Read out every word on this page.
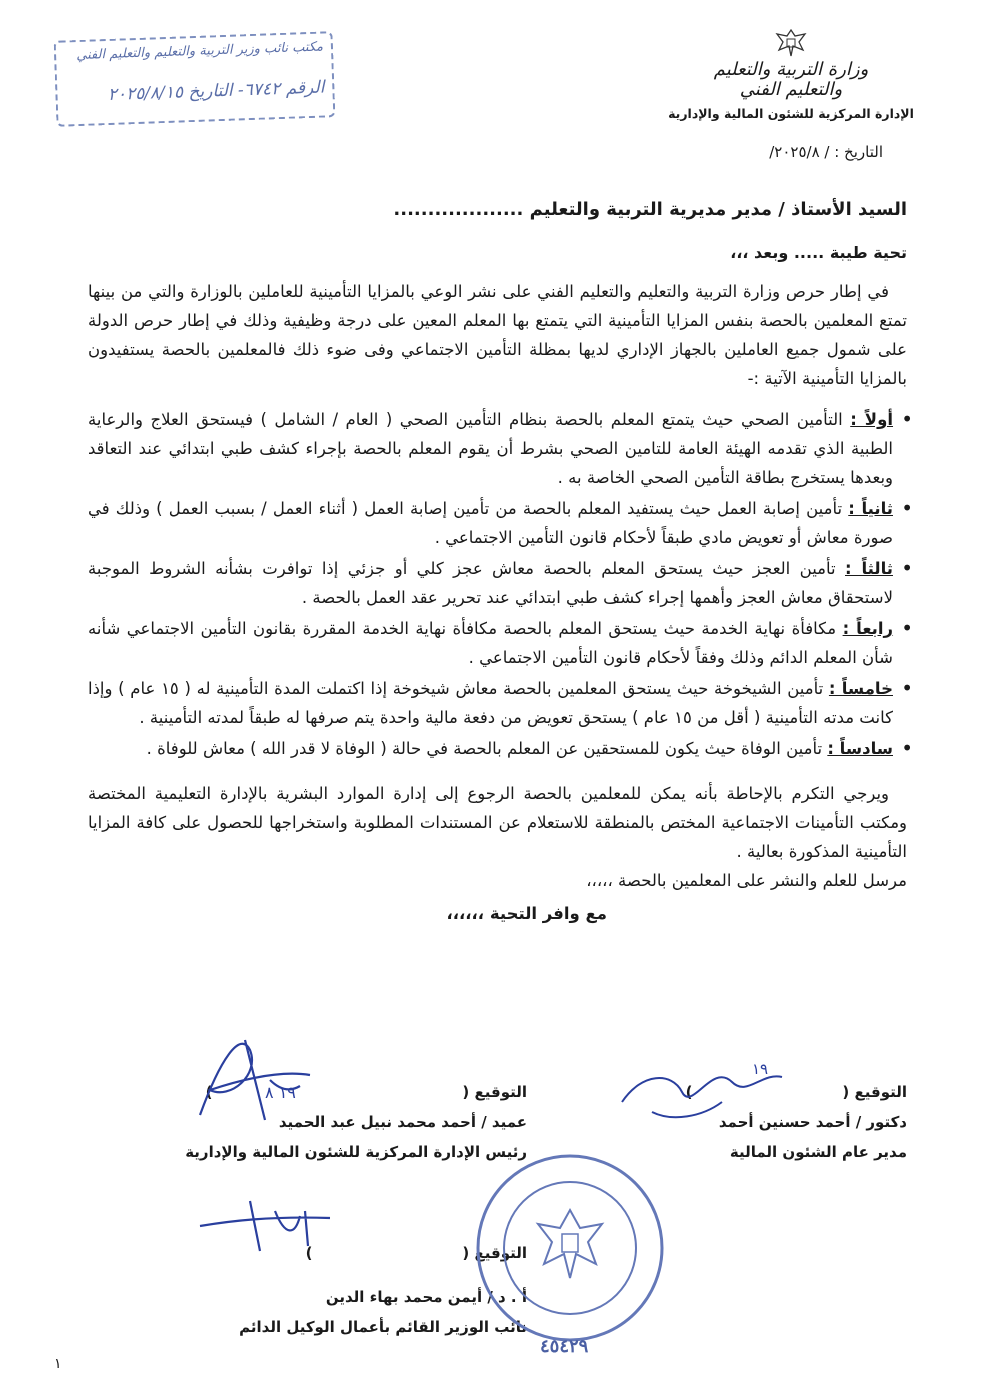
مكتب نائب وزير التربية والتعليم والتعليم الفني
الرقم ٦٧٤٢- التاريخ ٢٠٢٥/٨/١٥
وزارة التربية والتعليم
والتعليم الفني
الإدارة المركزية للشئون المالية والإدارية
التاريخ : / ٢٠٢٥/٨/
السيد الأستاذ / مدير مديرية التربية والتعليم ...................
تحية طيبة ..... وبعد ،،،
في إطار حرص وزارة التربية والتعليم والتعليم الفني على نشر الوعي بالمزايا التأمينية للعاملين بالوزارة والتي من بينها تمتع المعلمين بالحصة بنفس المزايا التأمينية التي يتمتع بها المعلم المعين على درجة وظيفية وذلك في إطار حرص الدولة على شمول جميع العاملين بالجهاز الإداري لديها بمظلة التأمين الاجتماعي وفى ضوء ذلك فالمعلمين بالحصة يستفيدون بالمزايا التأمينية الآتية :-
• أولاً : التأمين الصحي حيث يتمتع المعلم بالحصة بنظام التأمين الصحي ( العام / الشامل ) فيستحق العلاج والرعاية الطبية الذي تقدمه الهيئة العامة للتامين الصحي بشرط أن يقوم المعلم بالحصة بإجراء كشف طبي ابتدائي عند التعاقد وبعدها يستخرج بطاقة التأمين الصحي الخاصة به .
• ثانياً : تأمين إصابة العمل حيث يستفيد المعلم بالحصة من تأمين إصابة العمل ( أثناء العمل / بسبب العمل ) وذلك في صورة معاش أو تعويض مادي طبقاً لأحكام قانون التأمين الاجتماعي .
• ثالثاً : تأمين العجز حيث يستحق المعلم بالحصة معاش عجز كلي أو جزئي إذا توافرت بشأنه الشروط الموجبة لاستحقاق معاش العجز وأهمها إجراء كشف طبي ابتدائي عند تحرير عقد العمل بالحصة .
• رابعاً : مكافأة نهاية الخدمة حيث يستحق المعلم بالحصة مكافأة نهاية الخدمة المقررة بقانون التأمين الاجتماعي شأنه شأن المعلم الدائم وذلك وفقاً لأحكام قانون التأمين الاجتماعي .
• خامساً : تأمين الشيخوخة حيث يستحق المعلمين بالحصة معاش شيخوخة إذا اكتملت المدة التأمينية له ( ١٥ عام ) وإذا كانت مدته التأمينية ( أقل من ١٥ عام ) يستحق تعويض من دفعة مالية واحدة يتم صرفها له طبقاً لمدته التأمينية .
• سادساً : تأمين الوفاة حيث يكون للمستحقين عن المعلم بالحصة في حالة ( الوفاة لا قدر الله ) معاش للوفاة .
ويرجي التكرم بالإحاطة بأنه يمكن للمعلمين بالحصة الرجوع إلى إدارة الموارد البشرية بالإدارة التعليمية المختصة ومكتب التأمينات الاجتماعية المختص بالمنطقة للاستعلام عن المستندات المطلوبة واستخراجها للحصول على كافة المزايا التأمينية المذكورة بعالية .
مرسل للعلم والنشر على المعلمين بالحصة ،،،،،
مع وافر التحية ،،،،،،
التوقيع ()
دكتور / أحمد حسنين أحمد
مدير عام الشئون المالية
التوقيع ()
عميد / أحمد محمد نبيل عبد الحميد
رئيس الإدارة المركزية للشئون المالية والإدارية
التوقيع ()
أ . د / أيمن محمد بهاء الدين
نائب الوزير القائم بأعمال الوكيل الدائم
١٩ ٨
١٩
٤٥٤٢٩
١
